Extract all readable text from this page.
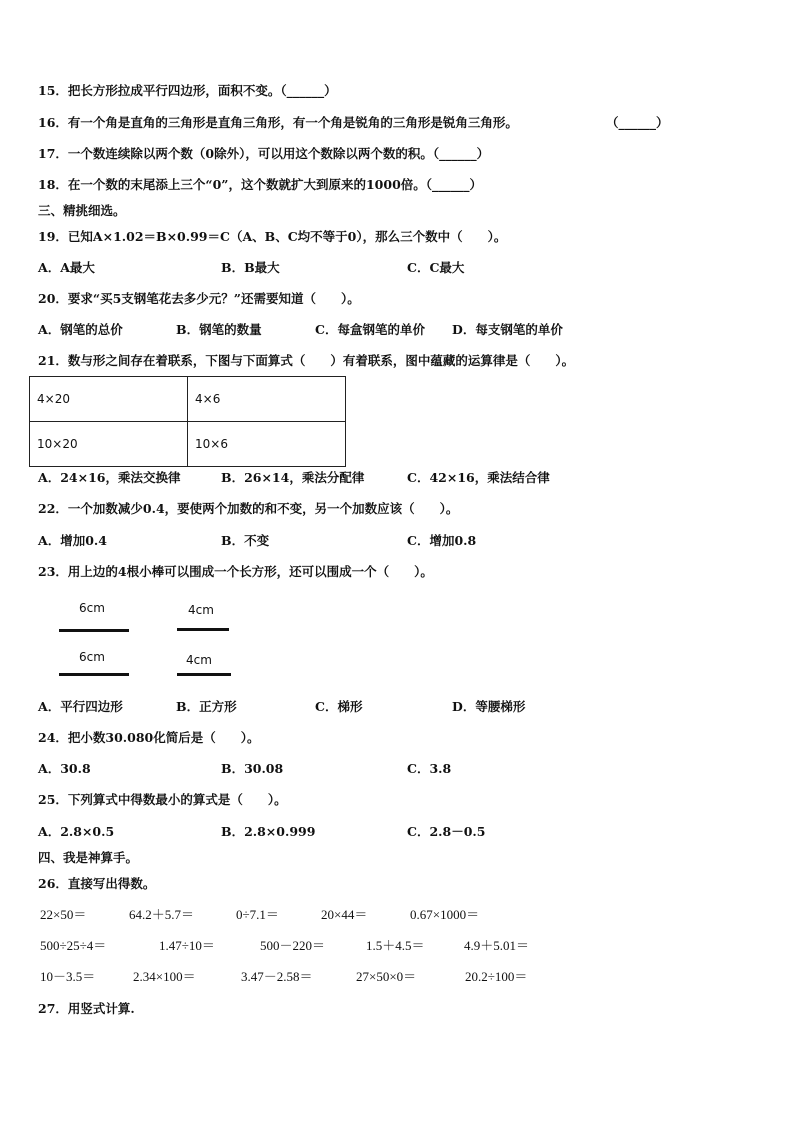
15．把长方形拉成平行四边形，面积不变。（______）
16．有一个角是直角的三角形是直角三角形，有一个角是锐角的三角形是锐角三角形。	（______）
17．一个数连续除以两个数（0除外），可以用这个数除以两个数的积。（______）
18．在一个数的末尾添上三个“0”，这个数就扩大到原来的1000倍。（______）
三、精挑细选。
19．已知A×1.02＝B×0.99＝C（A、B、C均不等于0），那么三个数中（　　）。
A．A最大	B．B最大	C．C最大
20．要求“买5支钢笔花去多少元？”还需要知道（　　）。
A．钢笔的总价	B．钢笔的数量	C．每盒钢笔的单价 D．每支钢笔的单价
21．数与形之间存在着联系，下图与下面算式（　　）有着联系，图中蕴藏的运算律是（　　）。
4×20	4×6
10×20	10×6
A．24×16，乘法交换律	B．26×14，乘法分配律	C．42×16，乘法结合律
22．一个加数减少0.4，要使两个加数的和不变，另一个加数应该（　　）。
A．增加0.4	B．不变	C．增加0.8
23．用上边的4根小棒可以围成一个长方形，还可以围成一个（　　）。
6cm	4cm
6cm	4cm
A．平行四边形	B．正方形	C．梯形	D．等腰梯形
24．把小数30.080化简后是（　　）。
A．30.8	B．30.08	C．3.8
25．下列算式中得数最小的算式是（　　）。
A．2.8×0.5	B．2.8×0.999	C．2.8－0.5
四、我是神算手。
26．直接写出得数。
22×50＝	64.2＋5.7＝	0÷7.1＝	20×44＝	0.67×1000＝
500÷25÷4＝	1.47÷10＝	500－220＝	1.5＋4.5＝	4.9＋5.01＝
10－3.5＝	2.34×100＝	3.47－2.58＝	27×50×0＝	20.2÷100＝
27．用竖式计算.
